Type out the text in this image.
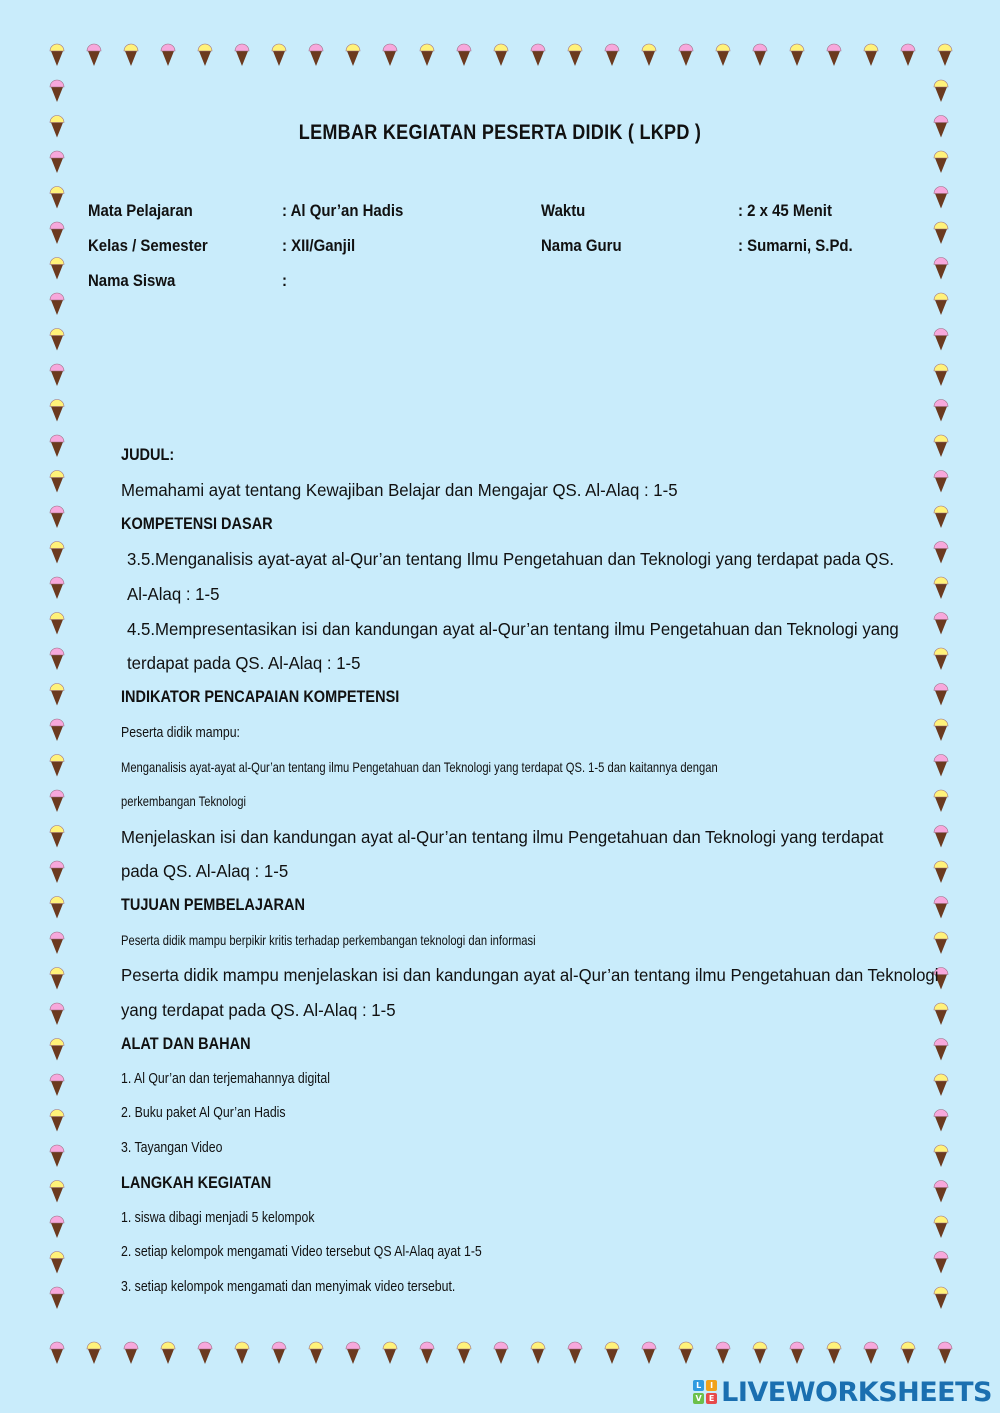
LEMBAR KEGIATAN PESERTA DIDIK ( LKPD )
Mata Pelajaran	: Al Qur’an Hadis	Waktu	: 2 x 45 Menit
Kelas / Semester	: XII/Ganjil	Nama Guru	: Sumarni, S.Pd.
Nama Siswa	:
JUDUL:
Memahami ayat tentang Kewajiban Belajar dan Mengajar QS. Al-Alaq : 1-5
KOMPETENSI DASAR
3.5.Menganalisis ayat-ayat al-Qur’an tentang Ilmu Pengetahuan dan Teknologi yang terdapat pada QS.
Al-Alaq : 1-5
4.5.Mempresentasikan isi dan kandungan ayat al-Qur’an tentang ilmu Pengetahuan dan Teknologi yang
terdapat pada QS. Al-Alaq : 1-5
INDIKATOR PENCAPAIAN KOMPETENSI
Peserta didik mampu:
Menganalisis ayat-ayat al-Qur’an tentang ilmu Pengetahuan dan Teknologi yang terdapat QS. 1-5 dan kaitannya dengan
perkembangan Teknologi
Menjelaskan isi dan kandungan ayat al-Qur’an tentang ilmu Pengetahuan dan Teknologi yang terdapat
pada QS. Al-Alaq : 1-5
TUJUAN PEMBELAJARAN
Peserta didik mampu berpikir kritis terhadap perkembangan teknologi dan informasi
Peserta didik mampu menjelaskan isi dan kandungan ayat al-Qur’an tentang ilmu Pengetahuan dan Teknologi
yang terdapat pada QS. Al-Alaq : 1-5
ALAT DAN BAHAN
1. Al Qur’an dan terjemahannya digital
2. Buku paket Al Qur’an Hadis
3. Tayangan Video
LANGKAH KEGIATAN
1. siswa dibagi menjadi 5 kelompok
2. setiap kelompok mengamati Video tersebut QS Al-Alaq ayat 1-5
3. setiap kelompok mengamati dan menyimak video tersebut.
L	I
V E LIVEWORKSHEETS
